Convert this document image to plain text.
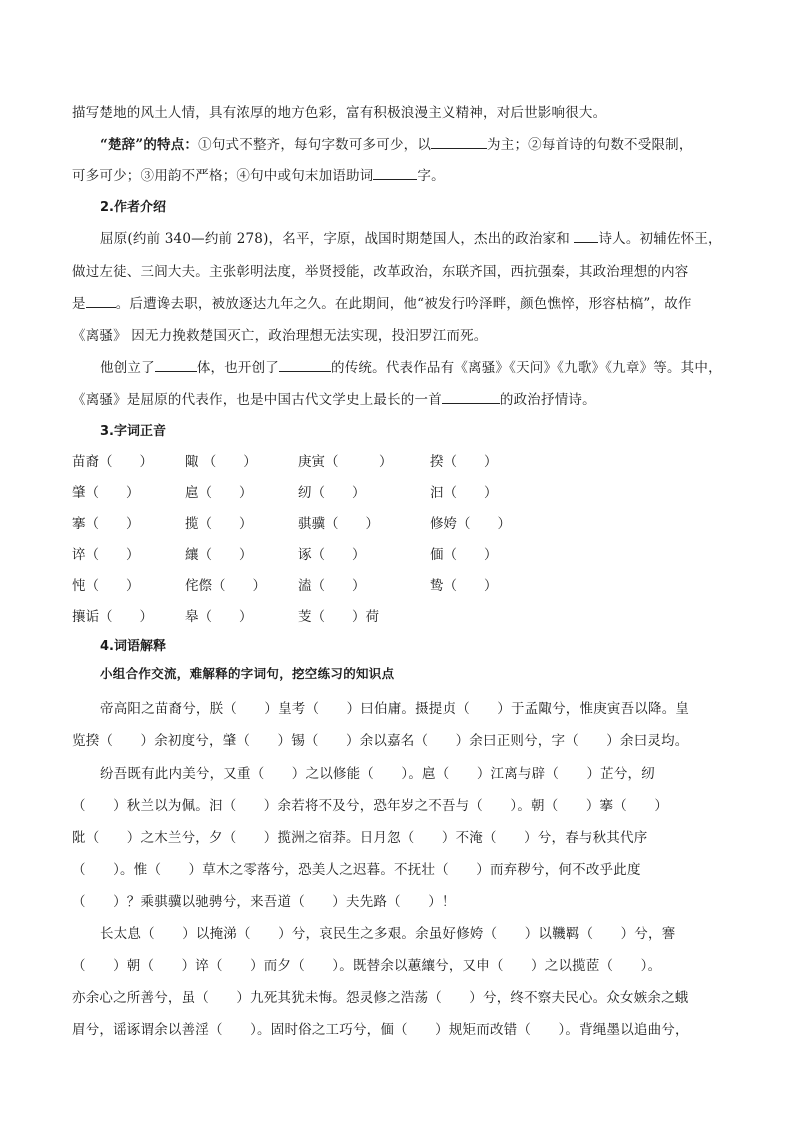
描写楚地的风土人情，具有浓厚的地方色彩，富有积极浪漫主义精神，对后世影响很大。
“楚辞”的特点：①句式不整齐，每句字数可多可少，以	为主；②每首诗的句数不受限制，
可多可少；③用韵不严格；④句中或句末加语助词	字。
2.作者介绍
屈原(约前 340—约前 278)，名平，字原，战国时期楚国人，杰出的政治家和 诗人。初辅佐怀王，
做过左徒、三闾大夫。主张彰明法度，举贤授能，改革政治，东联齐国，西抗强秦，其政治理想的内容
是 。后遭谗去职，被放逐达九年之久。在此期间，他“被发行吟泽畔，颜色憔悴，形容枯槁”，故作
《离骚》 因无力挽救楚国灭亡，政治理想无法实现，投汨罗江而死。
他创立了	体，也开创了	的传统。代表作品有《离骚》《天问》《九歌》《九章》等。其中，
《离骚》是屈原的代表作，也是中国古代文学史上最长的一首	的政治抒情诗。
3.字词正音
苗裔（　　） 陬 （　　）	庚寅（　　　）	揆（　　）
肇（　　）	扈（　　）	纫（　　）	汩（　　）
搴（　　）	揽（　　）	骐骥（　　）	修姱（　　）
谇（　　）	纕（　　）	诼（　　）	偭（　　）
忳（　　）	侘傺（　　） 溘（　　）	鸷（　　）
攘诟（　　） 皋（　　）	芰（　　）荷
4.词语解释
小组合作交流，难解释的字词句，挖空练习的知识点
帝高阳之苗裔兮，朕（　　）皇考（　　）曰伯庸。摄提贞（　　）于孟陬兮，惟庚寅吾以降。皇
览揆（　　）余初度兮，肇（　　）锡（　　）余以嘉名（　　）余曰正则兮，字（　　）余曰灵均。
纷吾既有此内美兮，又重（　　）之以修能（　　）。扈（　　）江离与辟（　　）芷兮，纫
（　　）秋兰以为佩。汩（　　）余若将不及兮，恐年岁之不吾与（　　）。朝（　　）搴（　　）
阰（　　）之木兰兮，夕（　　）揽洲之宿莽。日月忽（　　）不淹（　　）兮，春与秋其代序
（　　）。惟（　　）草木之零落兮，恐美人之迟暮。不抚壮（　　）而弃秽兮，何不改乎此度
（　　）？乘骐骥以驰骋兮，来吾道（　　）夫先路（　　）！
长太息（　　）以掩涕（　　）兮，哀民生之多艰。余虽好修姱（　　）以鞿羁（　　）兮，謇
（　　）朝（　　）谇（　　）而夕（　　）。既替余以蕙纕兮，又申（　　）之以揽茝（　　）。
亦余心之所善兮，虽（　　）九死其犹未悔。怨灵修之浩荡（　　）兮，终不察夫民心。众女嫉余之蛾
眉兮，谣诼谓余以善淫（　　）。固时俗之工巧兮，偭（　　）规矩而改错（　　）。背绳墨以追曲兮，
